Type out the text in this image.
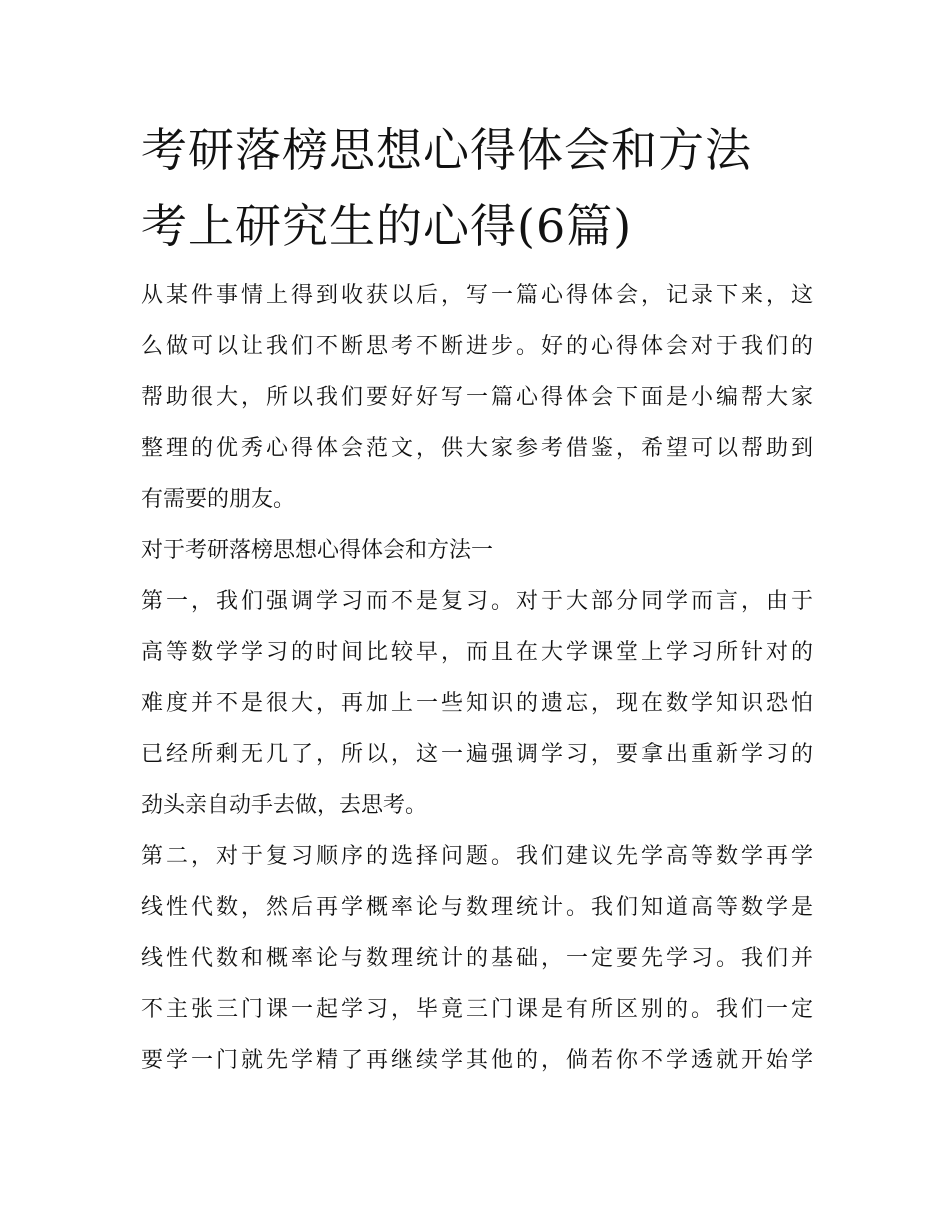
考研落榜思想心得体会和方法
考上研究生的心得(6篇)

从某件事情上得到收获以后，写一篇心得体会，记录下来，这
么做可以让我们不断思考不断进步。好的心得体会对于我们的
帮助很大，所以我们要好好写一篇心得体会下面是小编帮大家
整理的优秀心得体会范文，供大家参考借鉴，希望可以帮助到
有需要的朋友。

对于考研落榜思想心得体会和方法一

第一，我们强调学习而不是复习。对于大部分同学而言，由于
高等数学学习的时间比较早，而且在大学课堂上学习所针对的
难度并不是很大，再加上一些知识的遗忘，现在数学知识恐怕
已经所剩无几了，所以，这一遍强调学习，要拿出重新学习的
劲头亲自动手去做，去思考。

第二，对于复习顺序的选择问题。我们建议先学高等数学再学
线性代数，然后再学概率论与数理统计。我们知道高等数学是
线性代数和概率论与数理统计的基础，一定要先学习。我们并
不主张三门课一起学习，毕竟三门课是有所区别的。我们一定
要学一门就先学精了再继续学其他的，倘若你不学透就开始学
